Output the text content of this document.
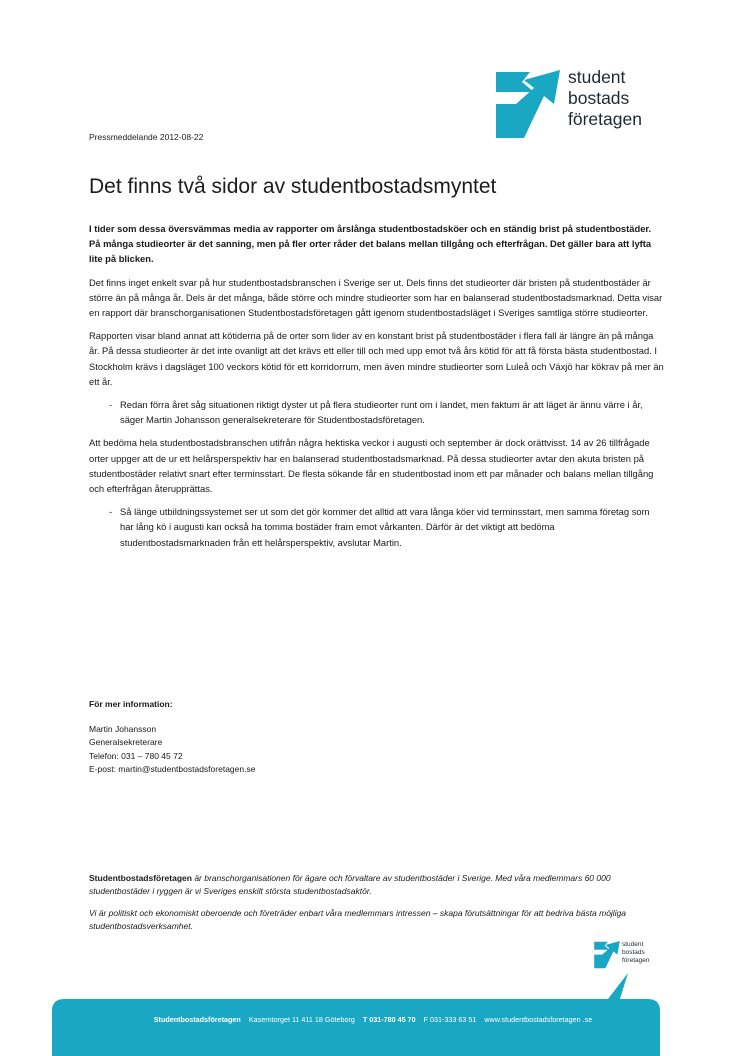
student
bostads
företagen
Pressmeddelande 2012-08-22
Det finns två sidor av studentbostadsmyntet

I tider som dessa översvämmas media av rapporter om årslånga studentbostadsköer och en ständig brist på studentbostäder. På många studieorter är det sanning, men på fler orter råder det balans mellan tillgång och efterfrågan. Det gäller bara att lyfta lite på blicken.

Det finns inget enkelt svar på hur studentbostadsbranschen i Sverige ser ut. Dels finns det studieorter där bristen på studentbostäder är större än på många år. Dels är det många, både större och mindre studieorter som har en balanserad studentbostadsmarknad. Detta visar en rapport där branschorganisationen Studentbostadsföretagen gått igenom studentbostadsläget i Sveriges samtliga större studieorter.

Rapporten visar bland annat att kötiderna på de orter som lider av en konstant brist på studentbostäder i flera fall är längre än på många år. På dessa studieorter är det inte ovanligt att det krävs ett eller till och med upp emot två års kötid för att få första bästa studentbostad. I Stockholm krävs i dagsläget 100 veckors kötid för ett korridorrum, men även mindre studieorter som Luleå och Växjö har kökrav på mer än ett år.

- Redan förra året såg situationen riktigt dyster ut på flera studieorter runt om i landet, men faktum är att läget är ännu värre i år, säger Martin Johansson generalsekreterare för Studentbostadsföretagen.

Att bedöma hela studentbostadsbranschen utifrån några hektiska veckor i augusti och september är dock orättvisst. 14 av 26 tillfrågade orter uppger att de ur ett helårsperspektiv har en balanserad studentbostadsmarknad. På dessa studieorter avtar den akuta bristen på studentbostäder relativt snart efter terminsstart. De flesta sökande får en studentbostad inom ett par månader och balans mellan tillgång och efterfrågan återupprättas.

- Så länge utbildningssystemet ser ut som det gör kommer det alltid att vara långa köer vid terminsstart, men samma företag som har lång kö i augusti kan också ha tomma bostäder fram emot vårkanten. Därför är det viktigt att bedöma studentbostadsmarknaden från ett helårsperspektiv, avslutar Martin.

För mer information:
Martin Johansson
Generalsekreterare
Telefon: 031 – 780 45 72
E-post: martin@studentbostadsforetagen.se

Studentbostadsföretagen är branschorganisationen för ägare och förvaltare av studentbostäder i Sverige. Med våra medlemmars 60 000 studentbostäder i ryggen är vi Sveriges enskilt största studentbostadsaktör.

Vi är politiskt och ekonomiskt oberoende och företräder enbart våra medlemmars intressen – skapa förutsättningar för att bedriva bästa möjliga studentbostadsverksamhet.

student
bostads
företagen
Studentbostadsföretagen Kaserntorget 11 411 18 Göteborg T 031-780 45 70 F 031-333 63 51 www.studentbostadsforetagen .se
